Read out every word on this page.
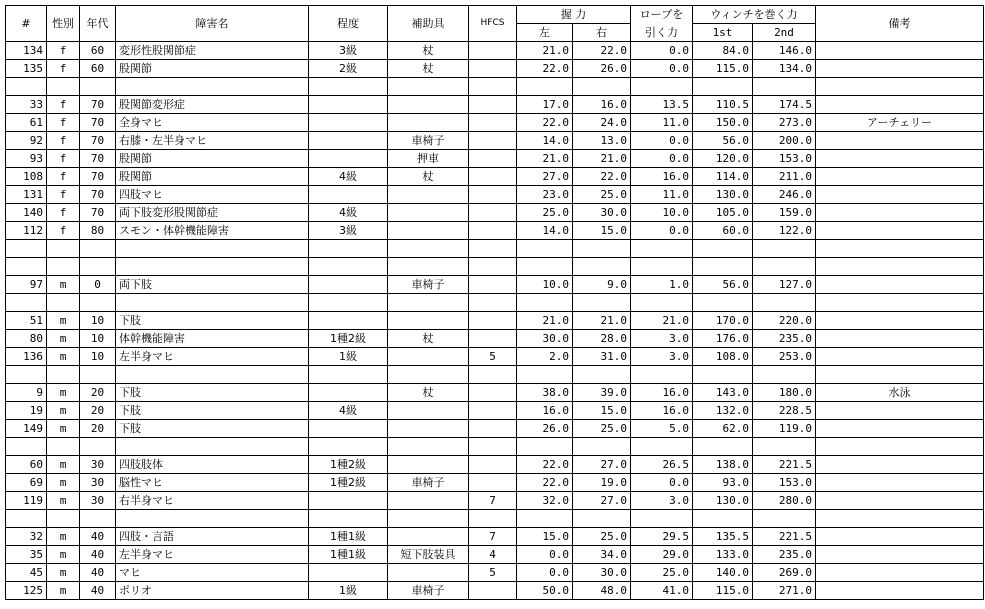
#	性別	年代	障害名	程度	補助具	HFCS	握 力		ロープを	ウィンチを巻く力		備考
							左	右	引く力	1st	2nd	
134	f	60	変形性股関節症	3級	杖		21.0	22.0	0.0	84.0	146.0	
135	f	60	股関節	2級	杖		22.0	26.0	0.0	115.0	134.0	

33	f	70	股関節変形症				17.0	16.0	13.5	110.5	174.5	
61	f	70	全身マヒ				22.0	24.0	11.0	150.0	273.0	アーチェリー
92	f	70	右膝・左半身マヒ		車椅子		14.0	13.0	0.0	56.0	200.0	
93	f	70	股関節		押車		21.0	21.0	0.0	120.0	153.0	
108	f	70	股関節	4級	杖		27.0	22.0	16.0	114.0	211.0	
131	f	70	四肢マヒ				23.0	25.0	11.0	130.0	246.0	
140	f	70	両下肢変形股関節症	4級			25.0	30.0	10.0	105.0	159.0	
112	f	80	スモン・体幹機能障害	3級			14.0	15.0	0.0	60.0	122.0	

97	m	0	両下肢		車椅子		10.0	9.0	1.0	56.0	127.0	

51	m	10	下肢				21.0	21.0	21.0	170.0	220.0	
80	m	10	体幹機能障害	1種2級	杖		30.0	28.0	3.0	176.0	235.0	
136	m	10	左半身マヒ	1級		5	2.0	31.0	3.0	108.0	253.0	

9	m	20	下肢		杖		38.0	39.0	16.0	143.0	180.0	水泳
19	m	20	下肢	4級			16.0	15.0	16.0	132.0	228.5	
149	m	20	下肢				26.0	25.0	5.0	62.0	119.0	

60	m	30	四肢肢体	1種2級			22.0	27.0	26.5	138.0	221.5	
69	m	30	脳性マヒ	1種2級	車椅子		22.0	19.0	0.0	93.0	153.0	
119	m	30	右半身マヒ			7	32.0	27.0	3.0	130.0	280.0	

32	m	40	四肢・言語	1種1級		7	15.0	25.0	29.5	135.5	221.5	
35	m	40	左半身マヒ	1種1級	短下肢装具	4	0.0	34.0	29.0	133.0	235.0	
45	m	40	マヒ			5	0.0	30.0	25.0	140.0	269.0	
125	m	40	ポリオ	1級	車椅子		50.0	48.0	41.0	115.0	271.0	
